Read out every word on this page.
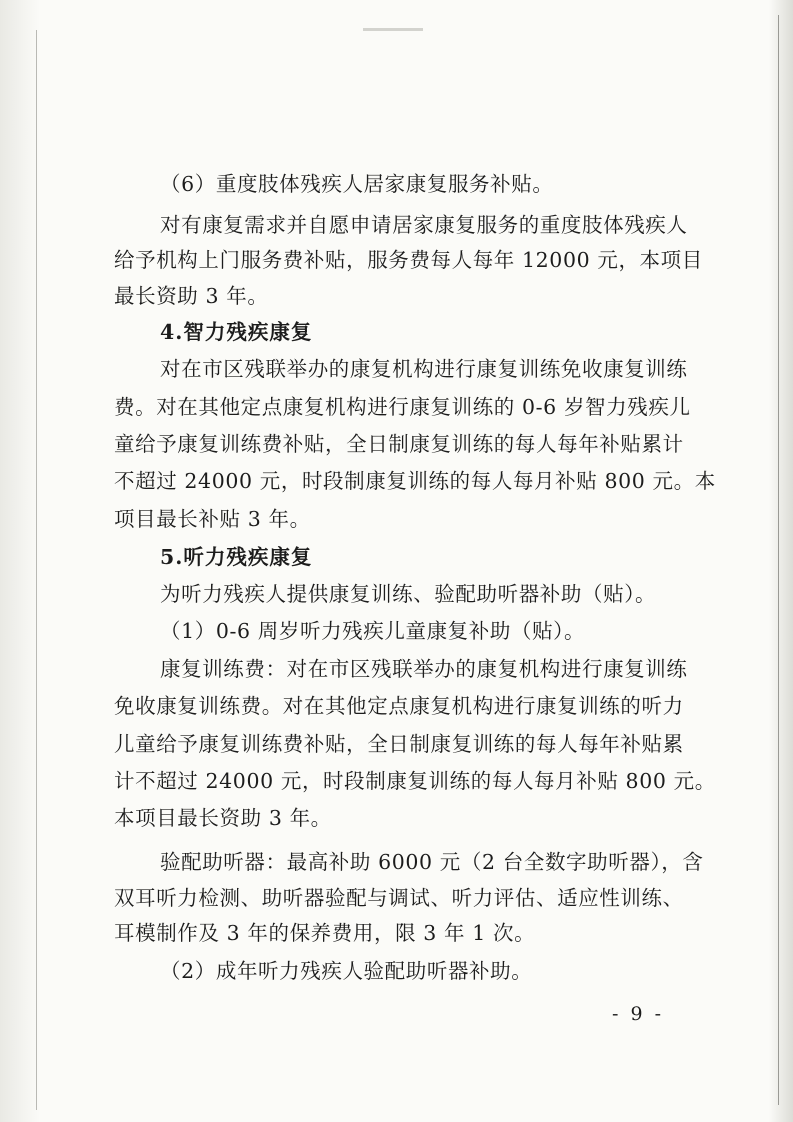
（6）重度肢体残疾人居家康复服务补贴。
对有康复需求并自愿申请居家康复服务的重度肢体残疾人
给予机构上门服务费补贴，服务费每人每年 12000 元，本项目
最长资助 3 年。
4.智力残疾康复
对在市区残联举办的康复机构进行康复训练免收康复训练
费。对在其他定点康复机构进行康复训练的 0-6 岁智力残疾儿
童给予康复训练费补贴，全日制康复训练的每人每年补贴累计
不超过 24000 元，时段制康复训练的每人每月补贴 800 元。本
项目最长补贴 3 年。
5.听力残疾康复
为听力残疾人提供康复训练、验配助听器补助（贴）。
（1）0-6 周岁听力残疾儿童康复补助（贴）。
康复训练费：对在市区残联举办的康复机构进行康复训练
免收康复训练费。对在其他定点康复机构进行康复训练的听力
儿童给予康复训练费补贴，全日制康复训练的每人每年补贴累
计不超过 24000 元，时段制康复训练的每人每月补贴 800 元。
本项目最长资助 3 年。
验配助听器：最高补助 6000 元（2 台全数字助听器），含
双耳听力检测、助听器验配与调试、听力评估、适应性训练、
耳模制作及 3 年的保养费用，限 3 年 1 次。
（2）成年听力残疾人验配助听器补助。
- 9 -
